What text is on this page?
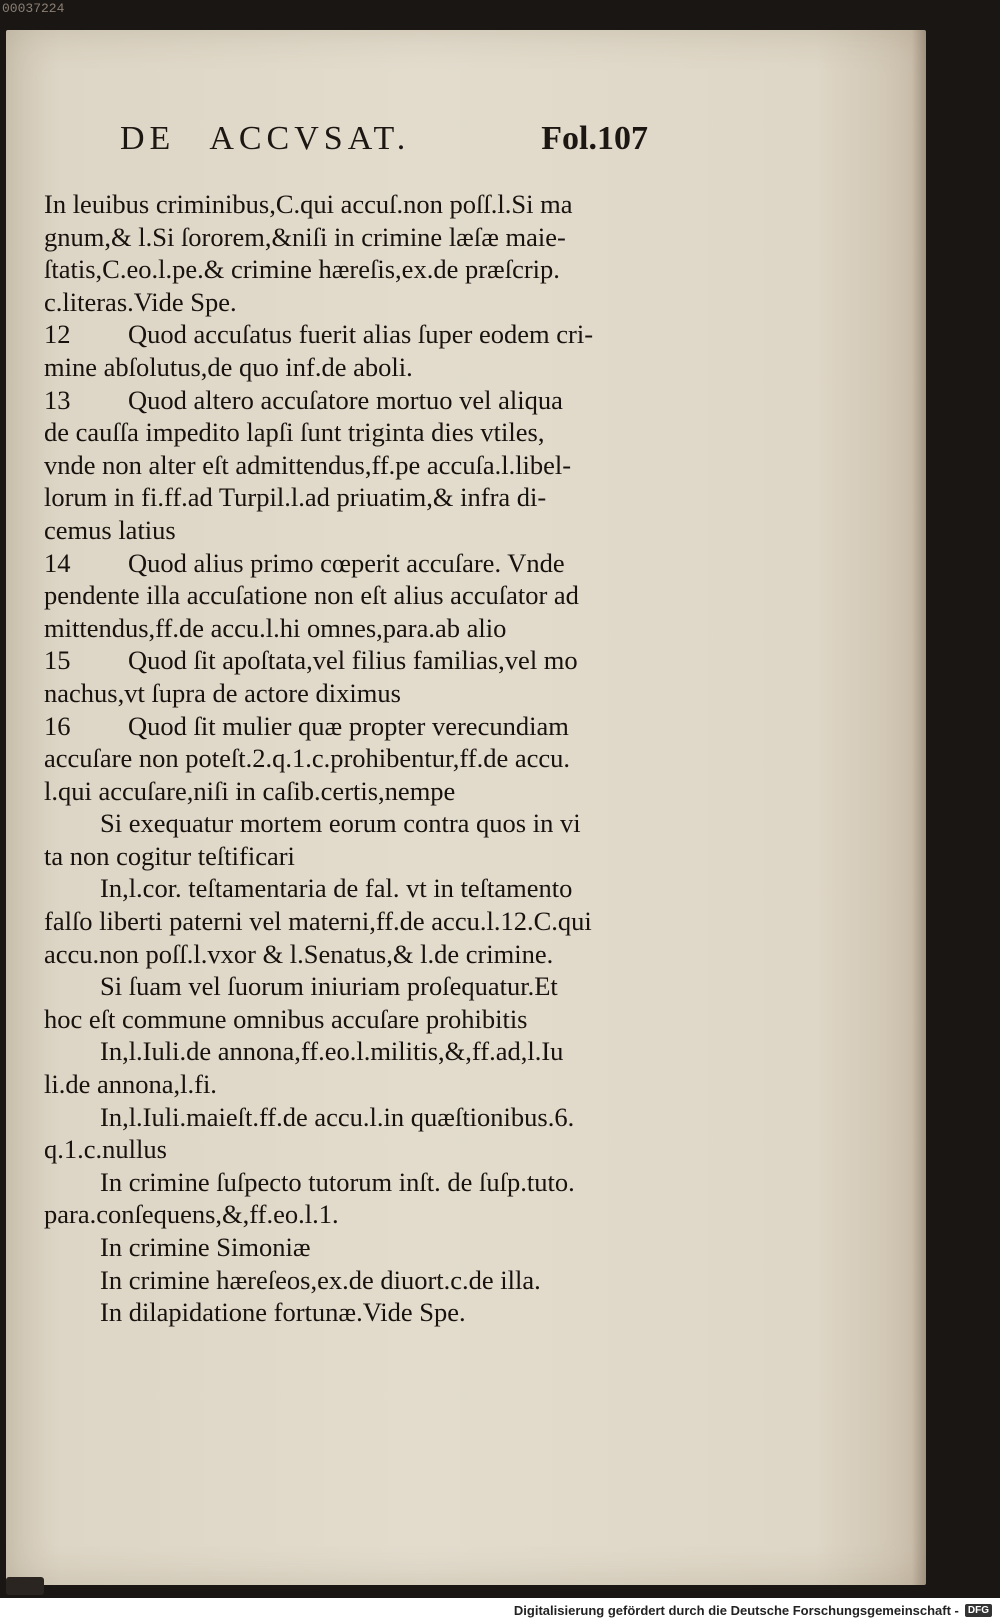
00037224
DE ACCVSAT.	Fol.107
In leuibus criminibus,C.qui accuſ.non poſſ.l.Si ma
gnum,& l.Si ſororem,&niſi in crimine læſæ maie-
ſtatis,C.eo.l.pe.& crimine hæreſis,ex.de præſcrip.
c.literas.Vide Spe.
12 Quod accuſatus fuerit alias ſuper eodem cri-
mine abſolutus,de quo inf.de aboli.
13 Quod altero accuſatore mortuo vel aliqua
de cauſſa impedito lapſi ſunt triginta dies vtiles,
vnde non alter eſt admittendus,ff.pe accuſa.l.libel-
lorum in fi.ff.ad Turpil.l.ad priuatim,& infra di-
cemus latius
14 Quod alius primo cœperit accuſare. Vnde
pendente illa accuſatione non eſt alius accuſator ad
mittendus,ff.de accu.l.hi omnes,para.ab alio
15 Quod ſit apoſtata,vel filius familias,vel mo
nachus,vt ſupra de actore diximus
16 Quod ſit mulier quæ propter verecundiam
accuſare non poteſt.2.q.1.c.prohibentur,ff.de accu.
l.qui accuſare,niſi in caſib.certis,nempe
Si exequatur mortem eorum contra quos in vi
ta non cogitur teſtificari
In,l.cor. teſtamentaria de fal. vt in teſtamento
falſo liberti paterni vel materni,ff.de accu.l.12.C.qui
accu.non poſſ.l.vxor & l.Senatus,& l.de crimine.
Si ſuam vel ſuorum iniuriam proſequatur.Et
hoc eſt commune omnibus accuſare prohibitis
In,l.Iuli.de annona,ff.eo.l.militis,&,ff.ad,l.Iu
li.de annona,l.fi.
In,l.Iuli.maieſt.ff.de accu.l.in quæſtionibus.6.
q.1.c.nullus
In crimine ſuſpecto tutorum inſt. de ſuſp.tuto.
para.conſequens,&,ff.eo.l.1.
In crimine Simoniæ
In crimine hæreſeos,ex.de diuort.c.de illa.
In dilapidatione fortunæ.Vide Spe.
Digitalisierung gefördert durch die Deutsche Forschungsgemeinschaft - DFG
